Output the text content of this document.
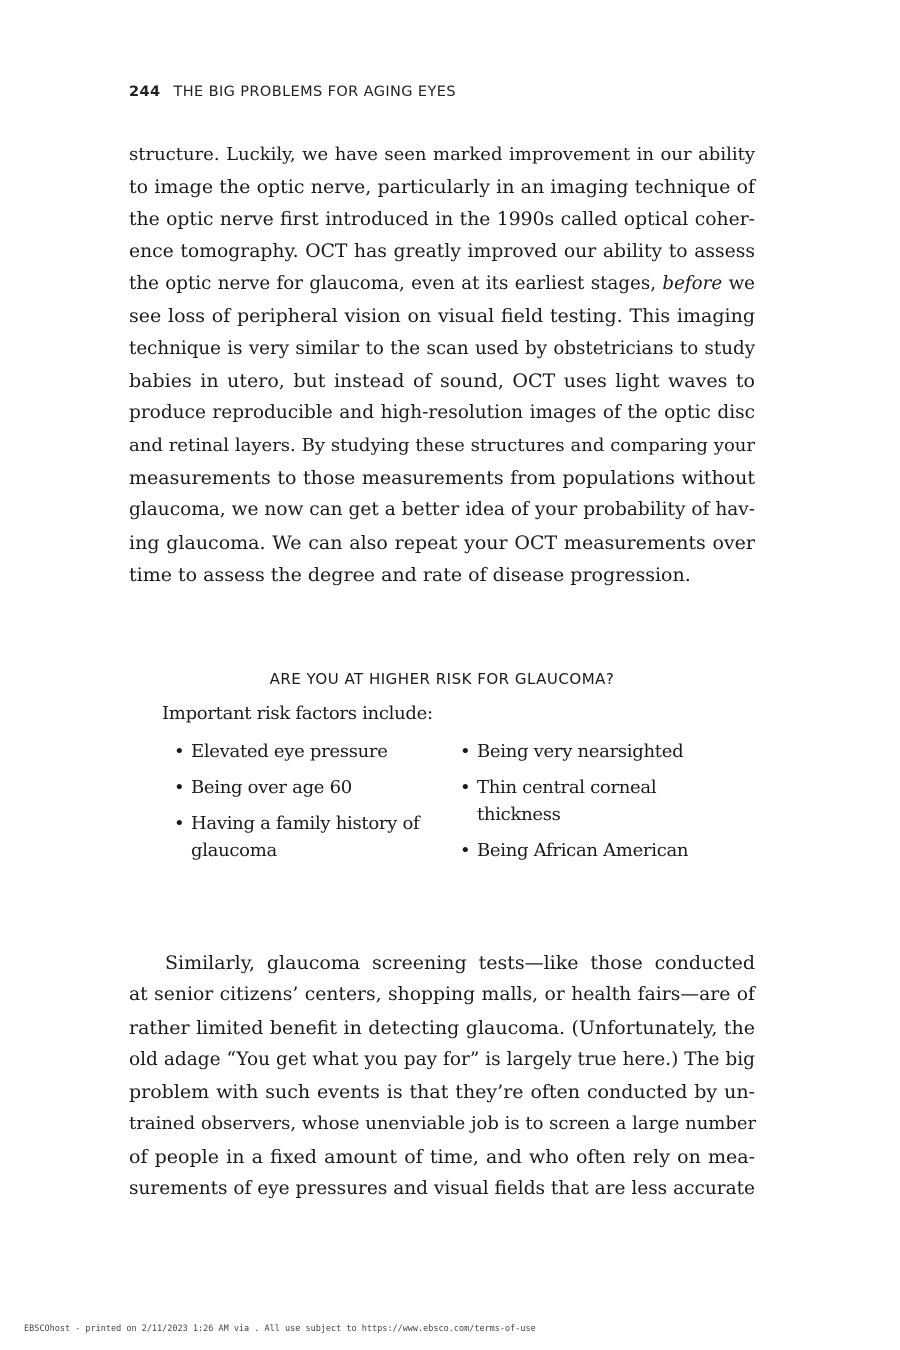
244 THE BIG PROBLEMS FOR AGING EYES
structure. Luckily, we have seen marked improvement in our ability
to image the optic nerve, particularly in an imaging technique of
the optic nerve first introduced in the 1990s called optical coher-
ence tomography. OCT has greatly improved our ability to assess
the optic nerve for glaucoma, even at its earliest stages, before we
see loss of peripheral vision on visual field testing. This imaging
technique is very similar to the scan used by obstetricians to study
babies in utero, but instead of sound, OCT uses light waves to
produce reproducible and high-resolution images of the optic disc
and retinal layers. By studying these structures and comparing your
measurements to those measurements from populations without
glaucoma, we now can get a better idea of your probability of hav-
ing glaucoma. We can also repeat your OCT measurements over
time to assess the degree and rate of disease progression.
ARE YOU AT HIGHER RISK FOR GLAUCOMA?
Important risk factors include:
• Elevated eye pressure
• Being over age 60
• Having a family history of glaucoma
• Being very nearsighted
• Thin central corneal thickness
• Being African American
Similarly, glaucoma screening tests—like those conducted
at senior citizens’ centers, shopping malls, or health fairs—are of
rather limited benefit in detecting glaucoma. (Unfortunately, the
old adage “You get what you pay for” is largely true here.) The big
problem with such events is that they’re often conducted by un-
trained observers, whose unenviable job is to screen a large number
of people in a fixed amount of time, and who often rely on mea-
surements of eye pressures and visual fields that are less accurate
EBSCOhost - printed on 2/11/2023 1:26 AM via . All use subject to https://www.ebsco.com/terms-of-use
